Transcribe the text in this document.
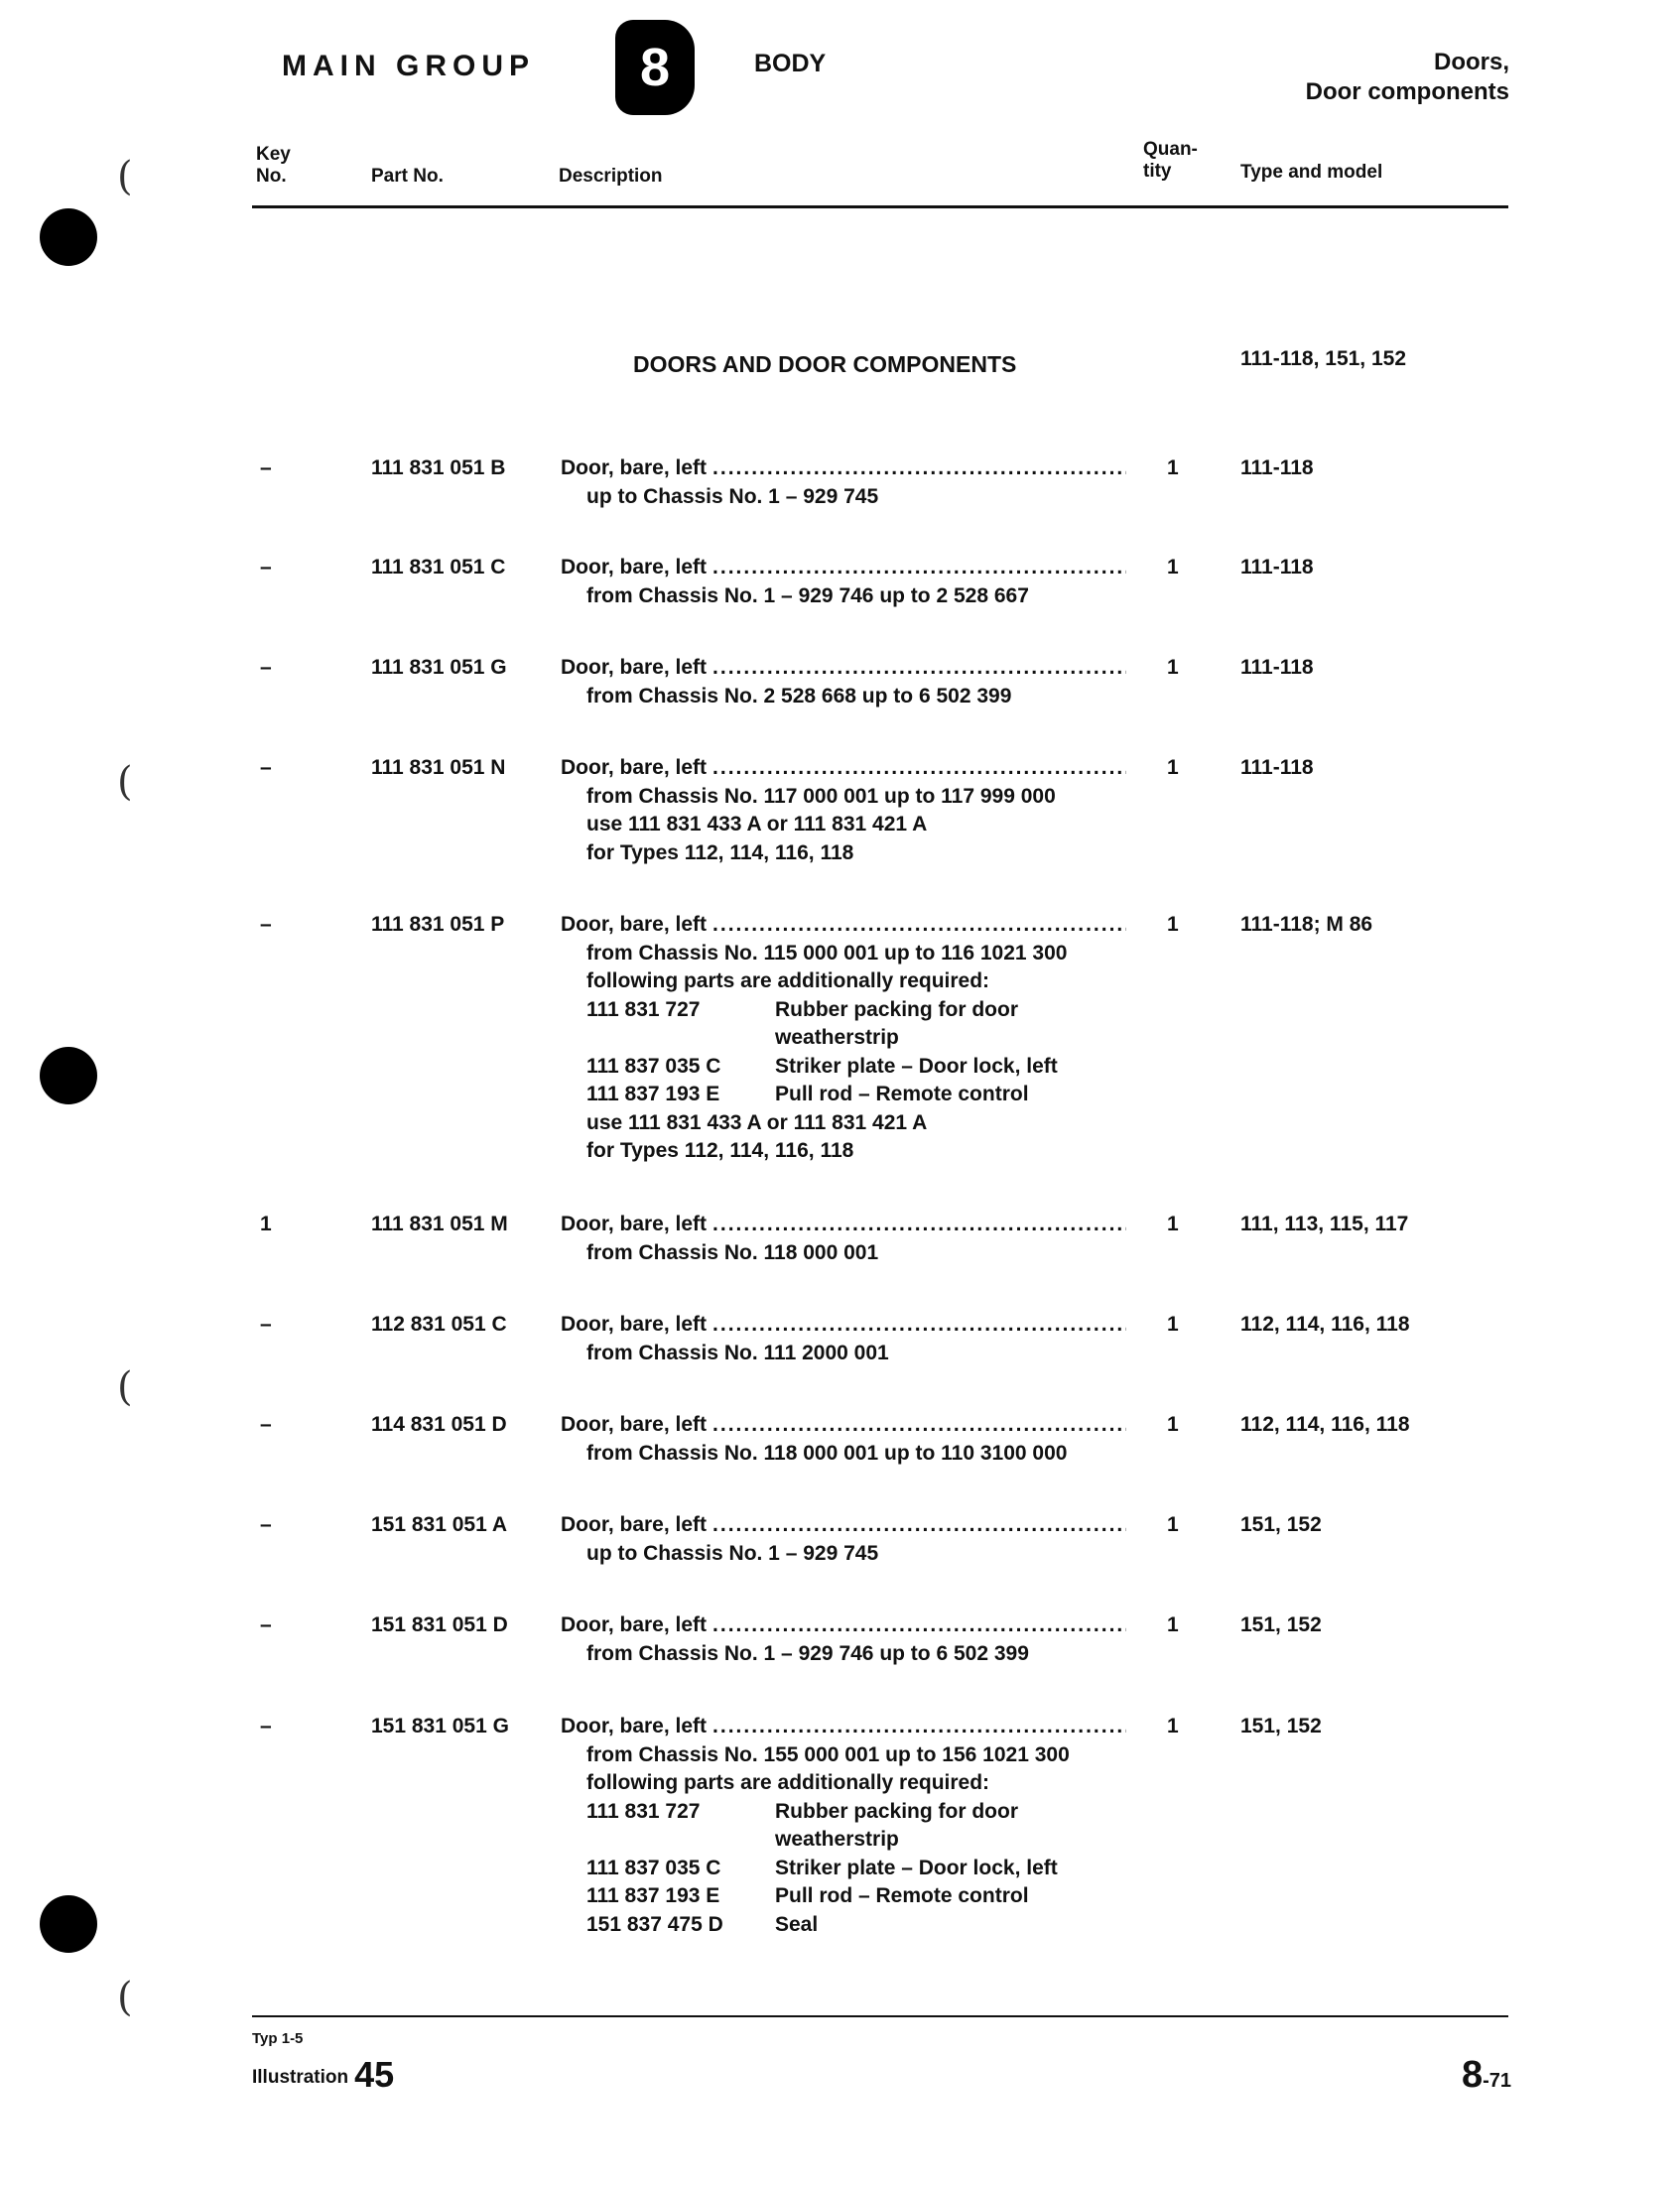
(
(
(
(
MAIN GROUP 8	BODY	Doors,
Door components
Key
No.	Part No.	Description
Quan-
tity	Type and model
DOORS AND DOOR COMPONENTS	111-118, 151, 152
–	111 831 051 B	Door, bare, left
.....
up to Chassis No. 1 – 929 745
1	111-118
–	111 831 051 C	Door, bare, left
.....
from Chassis No. 1 – 929 746 up to 2 528 667
1	111-118
–	111 831 051 G	Door, bare, left
.....
from Chassis No. 2 528 668 up to 6 502 399
1	111-118
–	111 831 051 N	Door, bare, left
.....
from Chassis No. 117 000 001 up to 117 999 000
use 111 831 433 A or 111 831 421 A
for Types 112, 114, 116, 118
1	111-118
–	111 831 051 P	Door, bare, left
.....
from Chassis No. 115 000 001 up to 116 1021 300
following parts are additionally required:
111 831 727	Rubber packing for door weatherstrip
111 837 035 C	Striker plate – Door lock, left
111 837 193 E	Pull rod – Remote control
use 111 831 433 A or 111 831 421 A
for Types 112, 114, 116, 118
1	111-118; M 86
1	111 831 051 M	Door, bare, left
.....
from Chassis No. 118 000 001
1	111, 113, 115, 117
–	112 831 051 C	Door, bare, left
.....
from Chassis No. 111 2000 001
1	112, 114, 116, 118
–	114 831 051 D	Door, bare, left
.....
from Chassis No. 118 000 001 up to 110 3100 000
1	112, 114, 116, 118
–	151 831 051 A	Door, bare, left
.....
up to Chassis No. 1 – 929 745
1	151, 152
–	151 831 051 D	Door, bare, left
.....
from Chassis No. 1 – 929 746 up to 6 502 399
1	151, 152
–	151 831 051 G Door, bare, left
.....
from Chassis No. 155 000 001 up to 156 1021 300
following parts are additionally required:
111 831 727	Rubber packing for door weatherstrip
111 837 035 C	Striker plate – Door lock, left
111 837 193 E	Pull rod – Remote control
151 837 475 D	Seal
1	151, 152
Typ 1-5
Illustration 45	8-71
